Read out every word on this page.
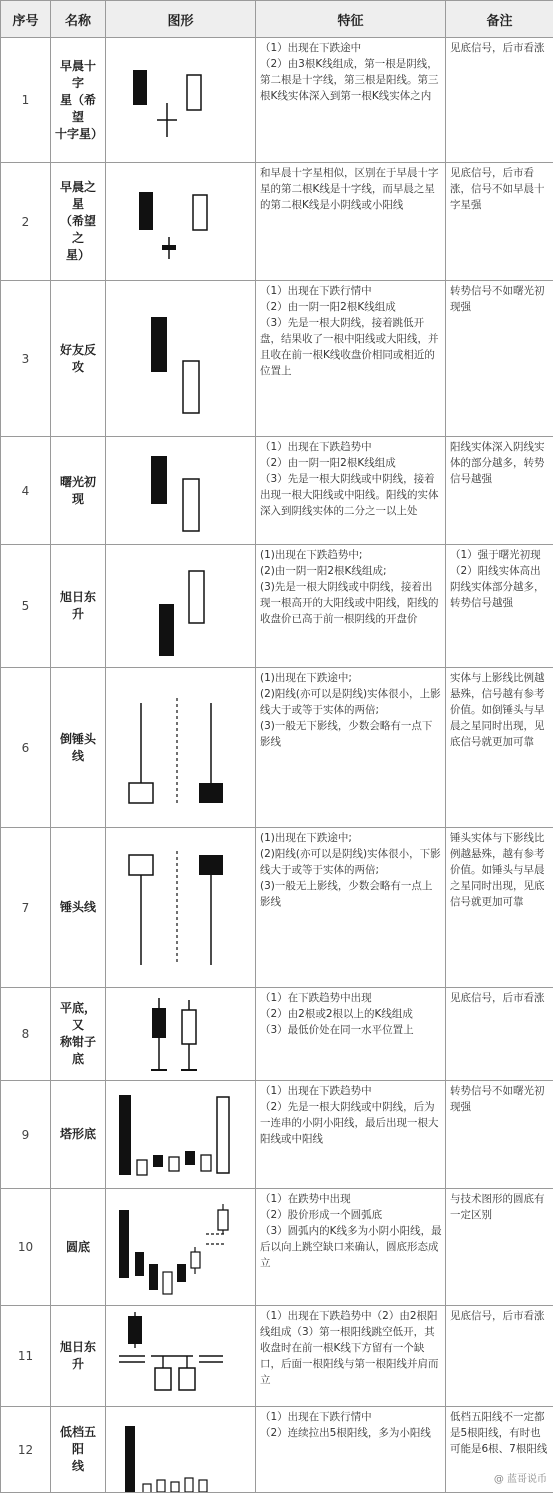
序号	名称	图形	特征	备注
1	早晨十字
星（希望
十字星）		（1）出现在下跌途中
（2）由3根K线组成，第一根是阴线，第二根是十字线，第三根是阳线。第三根K线实体深入到第一根K线实体之内	见底信号，后市看涨

2	早晨之星
（希望之
星）		和早晨十字星相似，区别在于早晨十字星的第二根K线是十字线，而早晨之星的第二根K线是小阴线或小阳线	见底信号，后市看涨，信号不如早晨十字星强

3	好友反攻		（1）出现在下跌行情中
（2）由一阴一阳2根K线组成
（3）先是一根大阴线，接着跳低开盘，结果收了一根中阳线或大阳线，并且收在前一根K线收盘价相同或相近的位置上	转势信号不如曙光初现强

4	曙光初现		（1）出现在下跌趋势中
（2）由一阴一阳2根K线组成
（3）先是一根大阴线或中阴线，接着出现一根大阳线或中阳线。阳线的实体深入到阴线实体的二分之一以上处	阳线实体深入阴线实体的部分越多，转势信号越强

5	旭日东升		(1)出现在下跌趋势中;
(2)由一阴一阳2根K线组成;
(3)先是一根大阴线或中阴线，接着出现一根高开的大阳线或中阳线，阳线的收盘价已高于前一根阴线的开盘价	（1）强于曙光初现
（2）阳线实体高出阴线实体部分越多，转势信号越强

6	倒锤头线		(1)出现在下跌途中;
(2)阳线(亦可以是阴线)实体很小，上影线大于或等于实体的两倍;
(3)一般无下影线，少数会略有一点下影线	实体与上影线比例越悬殊，信号越有参考价值。如倒锤头与早晨之星同时出现，见底信号就更加可靠

7	锤头线		(1)出现在下跌途中;
(2)阳线(亦可以是阴线)实体很小，下影线大于或等于实体的两倍;
(3)一般无上影线，少数会略有一点上影线	锤头实体与下影线比例越悬殊，越有参考价值。如锤头与早晨之星同时出现，见底信号就更加可靠

8	平底，又
称钳子底		（1）在下跌趋势中出现
（2）由2根或2根以上的K线组成
（3）最低价处在同一水平位置上	见底信号，后市看涨

9	塔形底		（1）出现在下跌趋势中
（2）先是一根大阴线或中阴线，后为一连串的小阴小阳线，最后出现一根大阳线或中阳线	转势信号不如曙光初现强

10	圆底		（1）在跌势中出现
（2）股价形成一个圆弧底
（3）圆弧内的K线多为小阴小阳线，最后以向上跳空缺口来确认，圆底形态成立	与技术图形的圆底有一定区别

11	旭日东升		（1）出现在下跌趋势中（2）由2根阳线组成（3）第一根阳线跳空低开，其收盘时在前一根K线下方留有一个缺口，后面一根阳线与第一根阳线并肩而立	见底信号，后市看涨

12	低档五阳
线		（1）出现在下跌行情中
（2）连续拉出5根阳线，多为小阳线	低档五阳线不一定都是5根阳线，有时也可能是6根、7根阳线
@ 蓝哥说币
